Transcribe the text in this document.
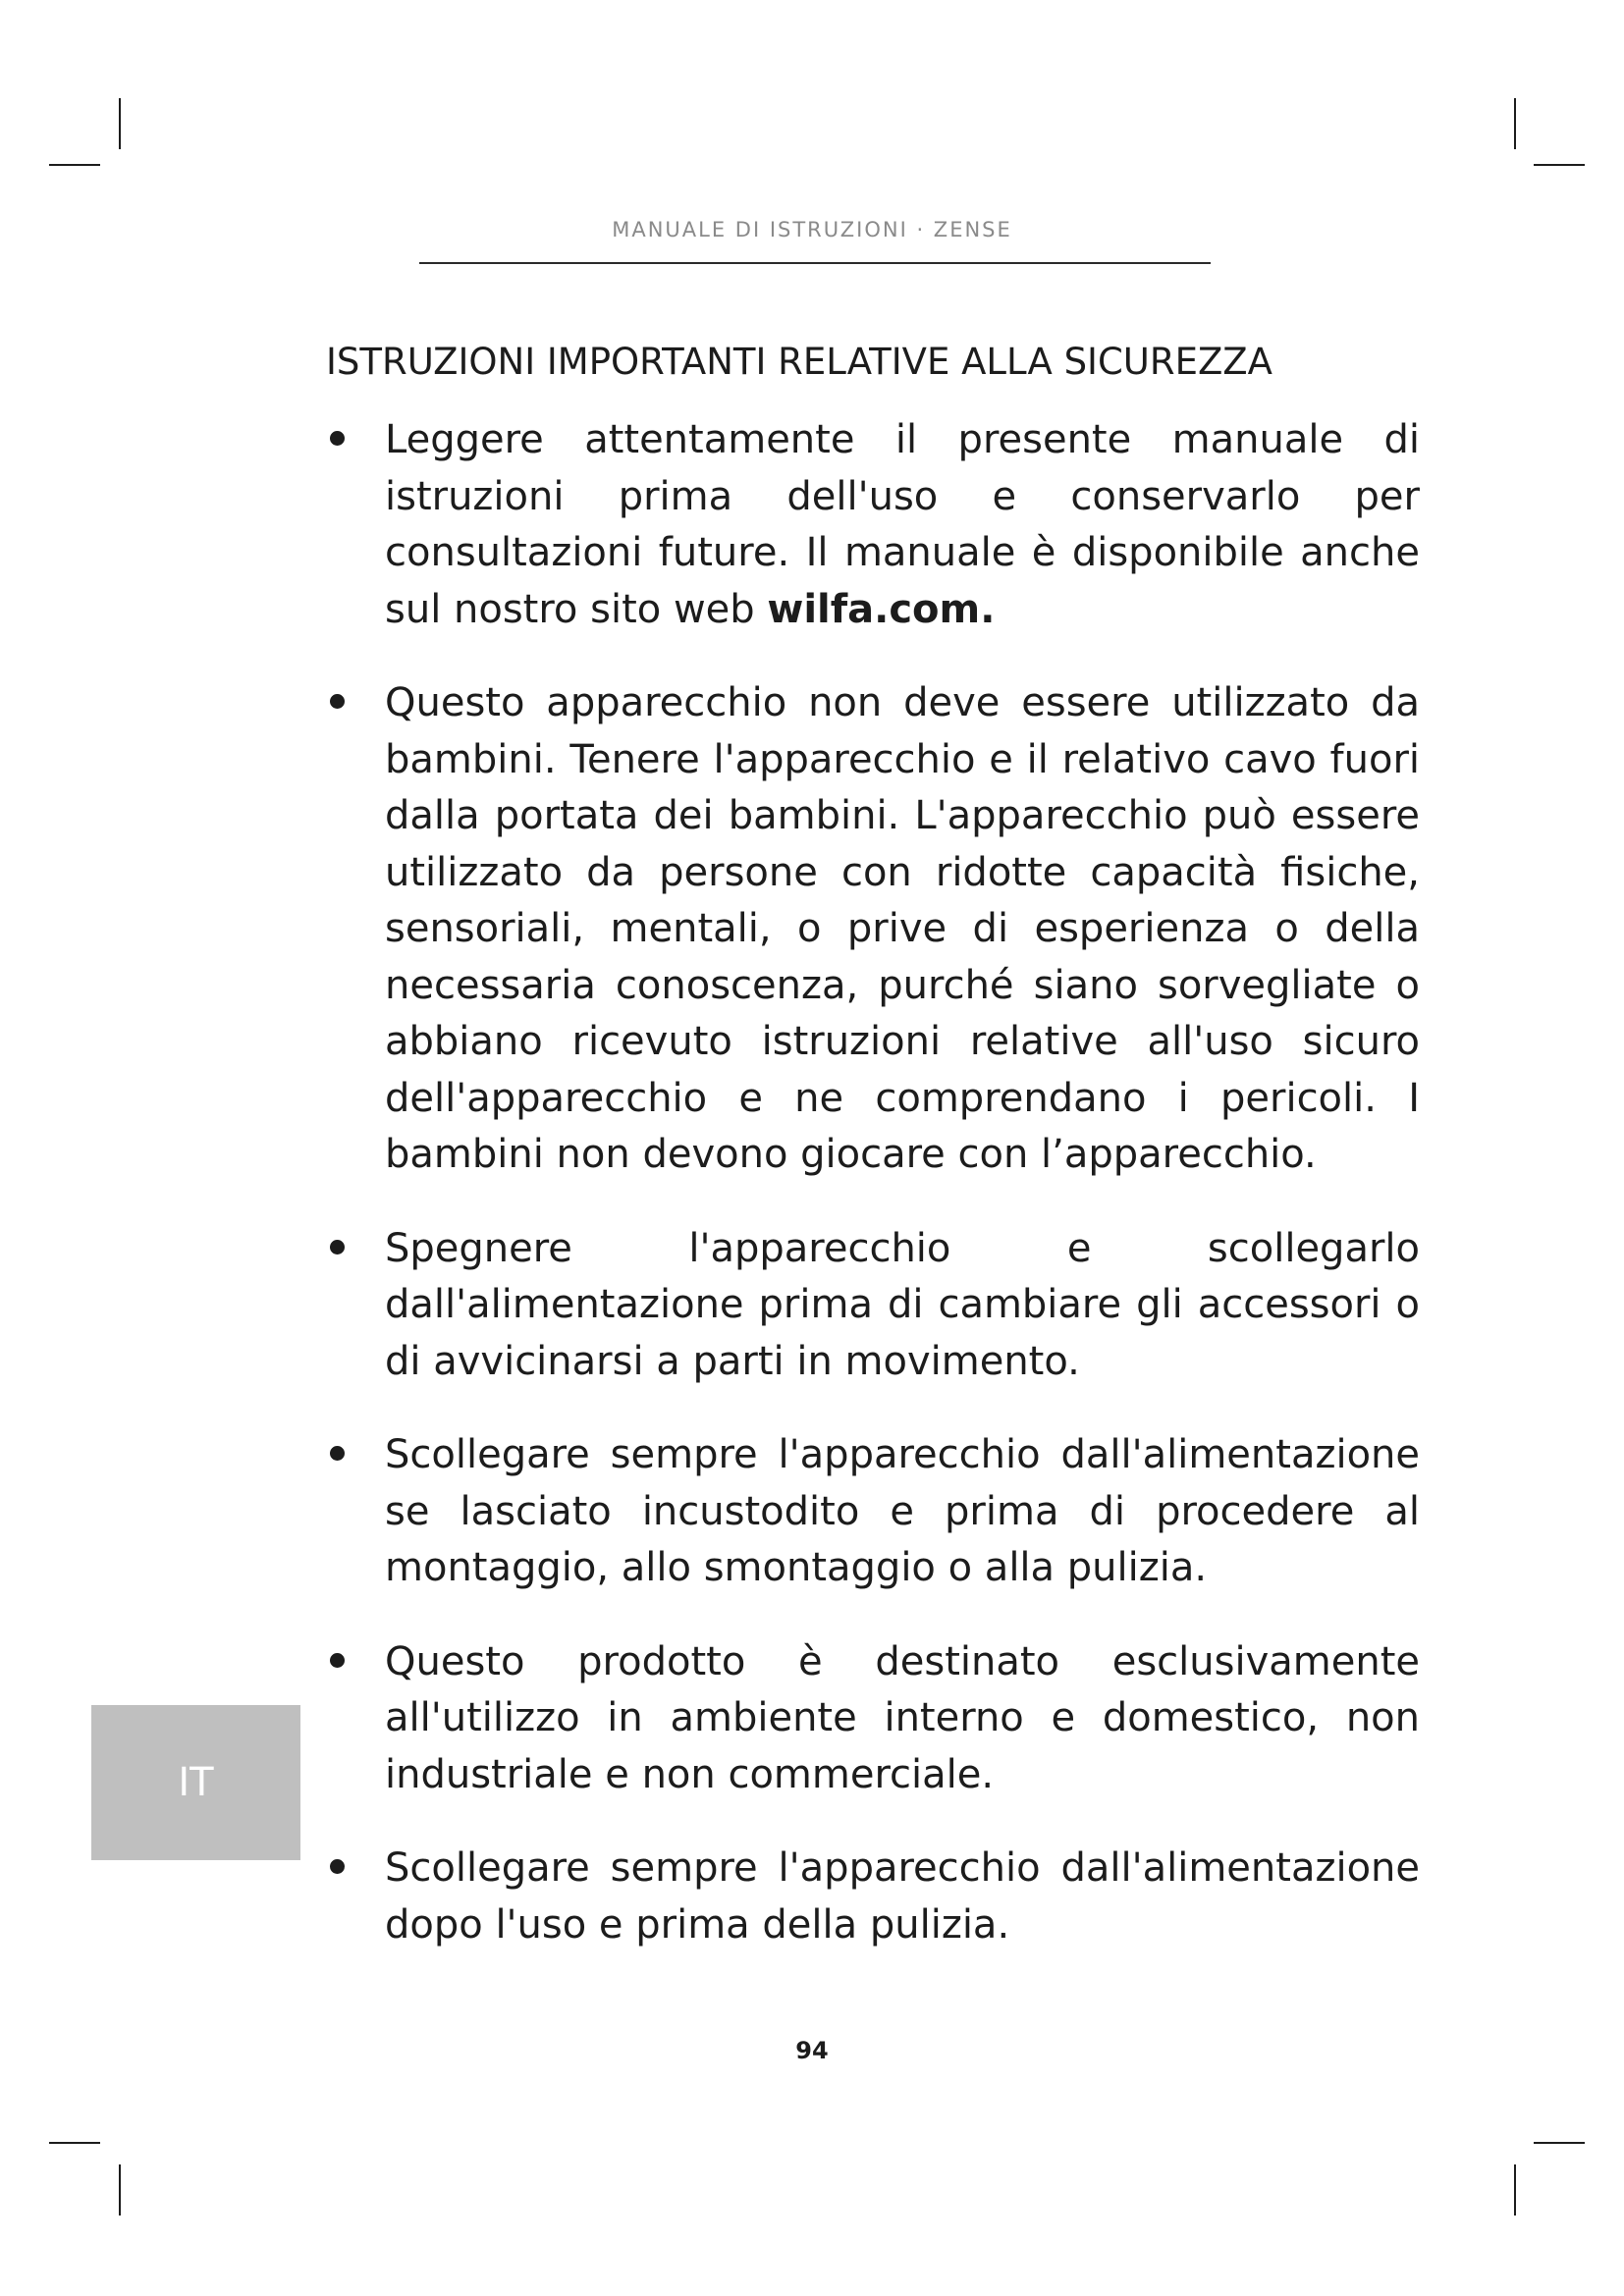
MANUALE DI ISTRUZIONI · ZENSE
ISTRUZIONI IMPORTANTI RELATIVE ALLA SICUREZZA
Leggere attentamente il presente manuale di istruzioni prima dell'uso e conservarlo per consultazioni future. Il manuale è disponibile anche sul nostro sito web wilfa.com.
Questo apparecchio non deve essere utilizzato da bambini. Tenere l'apparecchio e il relativo cavo fuori dalla portata dei bambini. L'apparecchio può essere utilizzato da persone con ridotte capacità fisiche, sensoriali, mentali, o prive di esperienza o della necessaria conoscenza, purché siano sorvegliate o abbiano ricevuto istruzioni relative all'uso sicuro dell'apparecchio e ne comprendano i pericoli. I bambini non devono giocare con l’apparecchio.
Spegnere l'apparecchio e scollegarlo dall'alimentazione prima di cambiare gli accessori o di avvicinarsi a parti in movimento.
Scollegare sempre l'apparecchio dall'alimentazione se lasciato incustodito e prima di procedere al montaggio, allo smontaggio o alla pulizia.
Questo prodotto è destinato esclusivamente all'utilizzo in ambiente interno e domestico, non industriale e non commerciale.
Scollegare sempre l'apparecchio dall'alimentazione dopo l'uso e prima della pulizia.
IT
94
